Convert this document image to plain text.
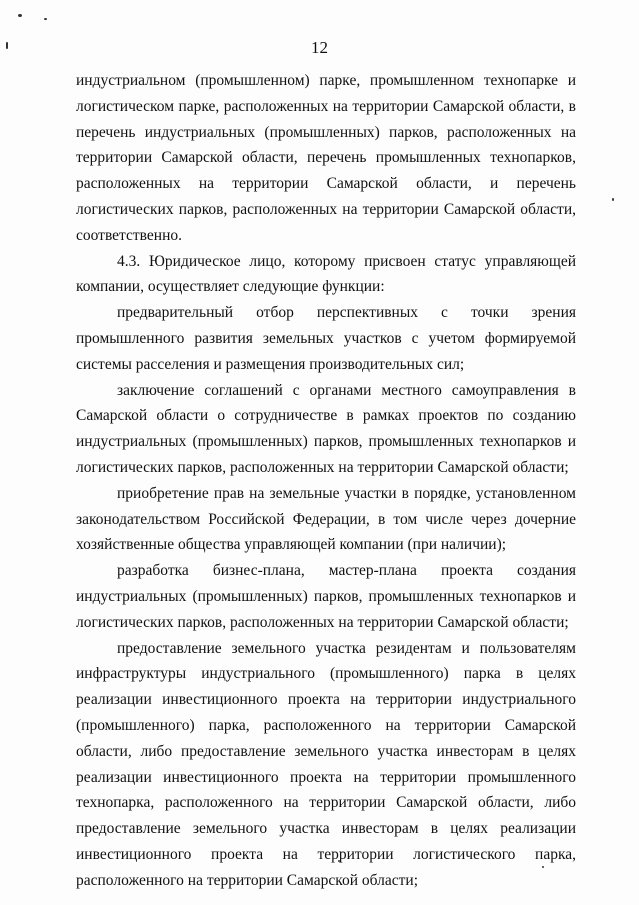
12

индустриальном (промышленном) парке, промышленном технопарке и логистическом парке, расположенных на территории Самарской области, в перечень индустриальных (промышленных) парков, расположенных на территории Самарской области, перечень промышленных технопарков, расположенных на территории Самарской области, и перечень логистических парков, расположенных на территории Самарской области, соответственно.

4.3. Юридическое лицо, которому присвоен статус управляющей компании, осуществляет следующие функции:

предварительный отбор перспективных с точки зрения промышленного развития земельных участков с учетом формируемой системы расселения и размещения производительных сил;

заключение соглашений с органами местного самоуправления в Самарской области о сотрудничестве в рамках проектов по созданию индустриальных (промышленных) парков, промышленных технопарков и логистических парков, расположенных на территории Самарской области;

приобретение прав на земельные участки в порядке, установленном законодательством Российской Федерации, в том числе через дочерние хозяйственные общества управляющей компании (при наличии);

разработка бизнес-плана, мастер-плана проекта создания индустриальных (промышленных) парков, промышленных технопарков и логистических парков, расположенных на территории Самарской области;

предоставление земельного участка резидентам и пользователям инфраструктуры индустриального (промышленного) парка в целях реализации инвестиционного проекта на территории индустриального (промышленного) парка, расположенного на территории Самарской области, либо предоставление земельного участка инвесторам в целях реализации инвестиционного проекта на территории промышленного технопарка, расположенного на территории Самарской области, либо предоставление земельного участка инвесторам в целях реализации инвестиционного проекта на территории логистического парка, расположенного на территории Самарской области;
